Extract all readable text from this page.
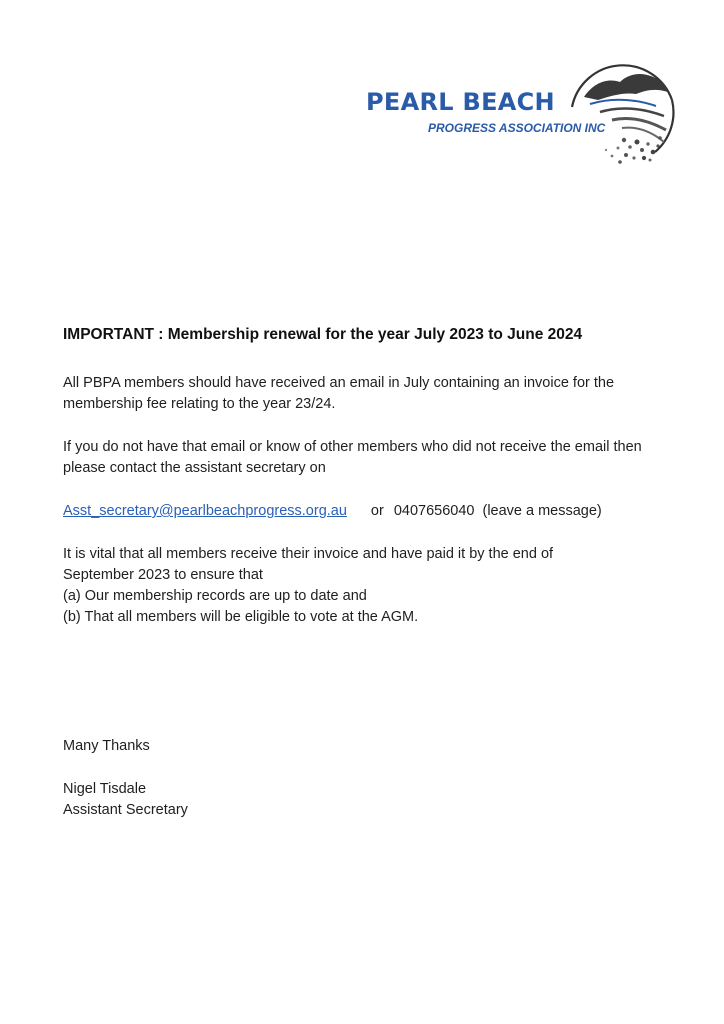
PEARL BEACH
PROGRESS ASSOCIATION INC
IMPORTANT : Membership renewal for the year July 2023 to June 2024
All PBPA members should have received an email in July containing an invoice for the membership fee relating to the year 23/24.
If you do not have that email or know of other members who did not receive the email then please contact the assistant secretary on
Asst_secretary@pearlbeachprogress.org.au or 0407656040 (leave a message)
It is vital that all members receive their invoice and have paid it by the end of
September 2023 to ensure that
(a) Our membership records are up to date and
(b) That all members will be eligible to vote at the AGM.
Many Thanks
Nigel Tisdale
Assistant Secretary
